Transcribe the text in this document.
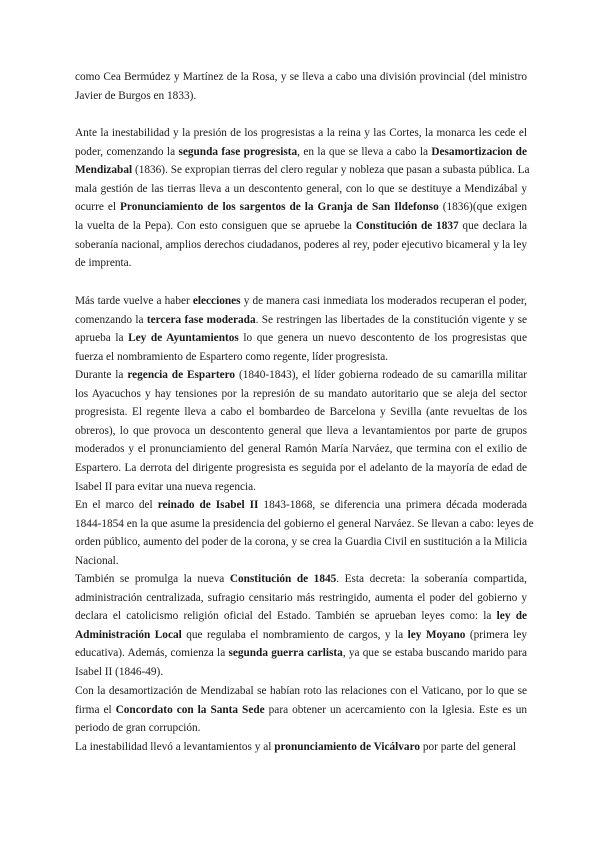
como Cea Bermúdez y Martínez de la Rosa, y se lleva a cabo una división provincial (del ministro
Javier de Burgos en 1833).

Ante la inestabilidad y la presión de los progresistas a la reina y las Cortes, la monarca les cede el
poder, comenzando la segunda fase progresista, en la que se lleva a cabo la Desamortizacion de
Mendizabal (1836). Se expropian tierras del clero regular y nobleza que pasan a subasta pública. La
mala gestión de las tierras lleva a un descontento general, con lo que se destituye a Mendizábal y
ocurre el Pronunciamiento de los sargentos de la Granja de San Ildefonso (1836)(que exigen
la vuelta de la Pepa). Con esto consiguen que se apruebe la Constitución de 1837 que declara la
soberanía nacional, amplios derechos ciudadanos, poderes al rey, poder ejecutivo bicameral y la ley
de imprenta.

Más tarde vuelve a haber elecciones y de manera casi inmediata los moderados recuperan el poder,
comenzando la tercera fase moderada. Se restringen las libertades de la constitución vigente y se
aprueba la Ley de Ayuntamientos lo que genera un nuevo descontento de los progresistas que
fuerza el nombramiento de Espartero como regente, líder progresista.

Durante la regencia de Espartero (1840-1843), el líder gobierna rodeado de su camarilla militar
los Ayacuchos y hay tensiones por la represión de su mandato autoritario que se aleja del sector
progresista. El regente lleva a cabo el bombardeo de Barcelona y Sevilla (ante revueltas de los
obreros), lo que provoca un descontento general que lleva a levantamientos por parte de grupos
moderados y el pronunciamiento del general Ramón María Narváez, que termina con el exilio de
Espartero. La derrota del dirigente progresista es seguida por el adelanto de la mayoría de edad de
Isabel II para evitar una nueva regencia.

En el marco del reinado de Isabel II 1843-1868, se diferencia una primera década moderada
1844-1854 en la que asume la presidencia del gobierno el general Narváez. Se llevan a cabo: leyes de
orden público, aumento del poder de la corona, y se crea la Guardia Civil en sustitución a la Milicia
Nacional.

También se promulga la nueva Constitución de 1845. Esta decreta: la soberanía compartida,
administración centralizada, sufragio censitario más restringido, aumenta el poder del gobierno y
declara el catolicismo religión oficial del Estado. También se aprueban leyes como: la ley de
Administración Local que regulaba el nombramiento de cargos, y la ley Moyano (primera ley
educativa). Además, comienza la segunda guerra carlista, ya que se estaba buscando marido para
Isabel II (1846-49).

Con la desamortización de Mendizabal se habían roto las relaciones con el Vaticano, por lo que se
firma el Concordato con la Santa Sede para obtener un acercamiento con la Iglesia. Este es un
periodo de gran corrupción.

La inestabilidad llevó a levantamientos y al pronunciamiento de Vicálvaro por parte del general
